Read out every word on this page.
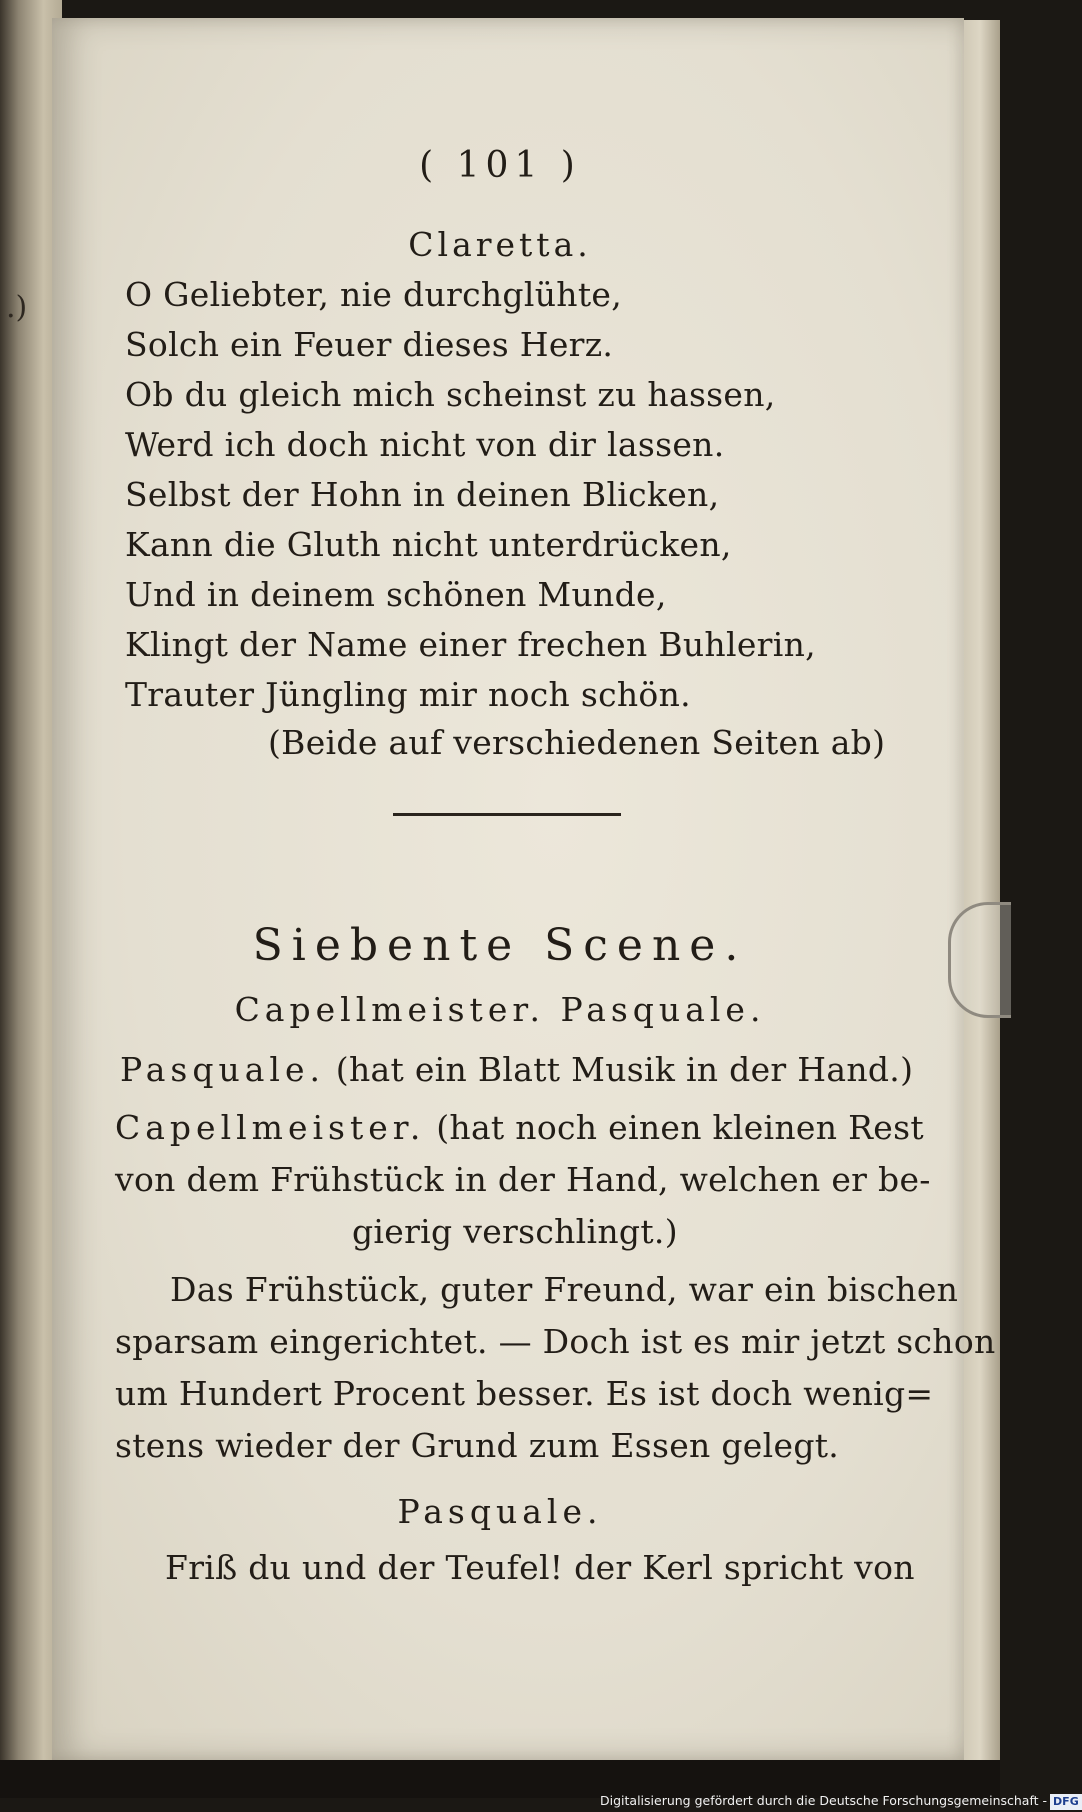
.)
( 101 )
Claretta.
O Geliebter, nie durchglühte,
Solch ein Feuer dieses Herz.
Ob du gleich mich scheinst zu hassen,
Werd ich doch nicht von dir lassen.
Selbst der Hohn in deinen Blicken,
Kann die Gluth nicht unterdrücken,
Und in deinem schönen Munde,
Klingt der Name einer frechen Buhlerin,
Trauter Jüngling mir noch schön.
(Beide auf verschiedenen Seiten ab)
Siebente Scene.
Capellmeister. Pasquale.
Pasquale. (hat ein Blatt Musik in der Hand.)
Capellmeister. (hat noch einen kleinen Rest
von dem Frühstück in der Hand, welchen er be-
gierig verschlingt.)
Das Frühstück, guter Freund, war ein bischen
sparsam eingerichtet. — Doch ist es mir jetzt schon
um Hundert Procent besser. Es ist doch wenig=
stens wieder der Grund zum Essen gelegt.
Pasquale.
Friß du und der Teufel! der Kerl spricht von
Digitalisierung gefördert durch die Deutsche Forschungsgemeinschaft - DFG
